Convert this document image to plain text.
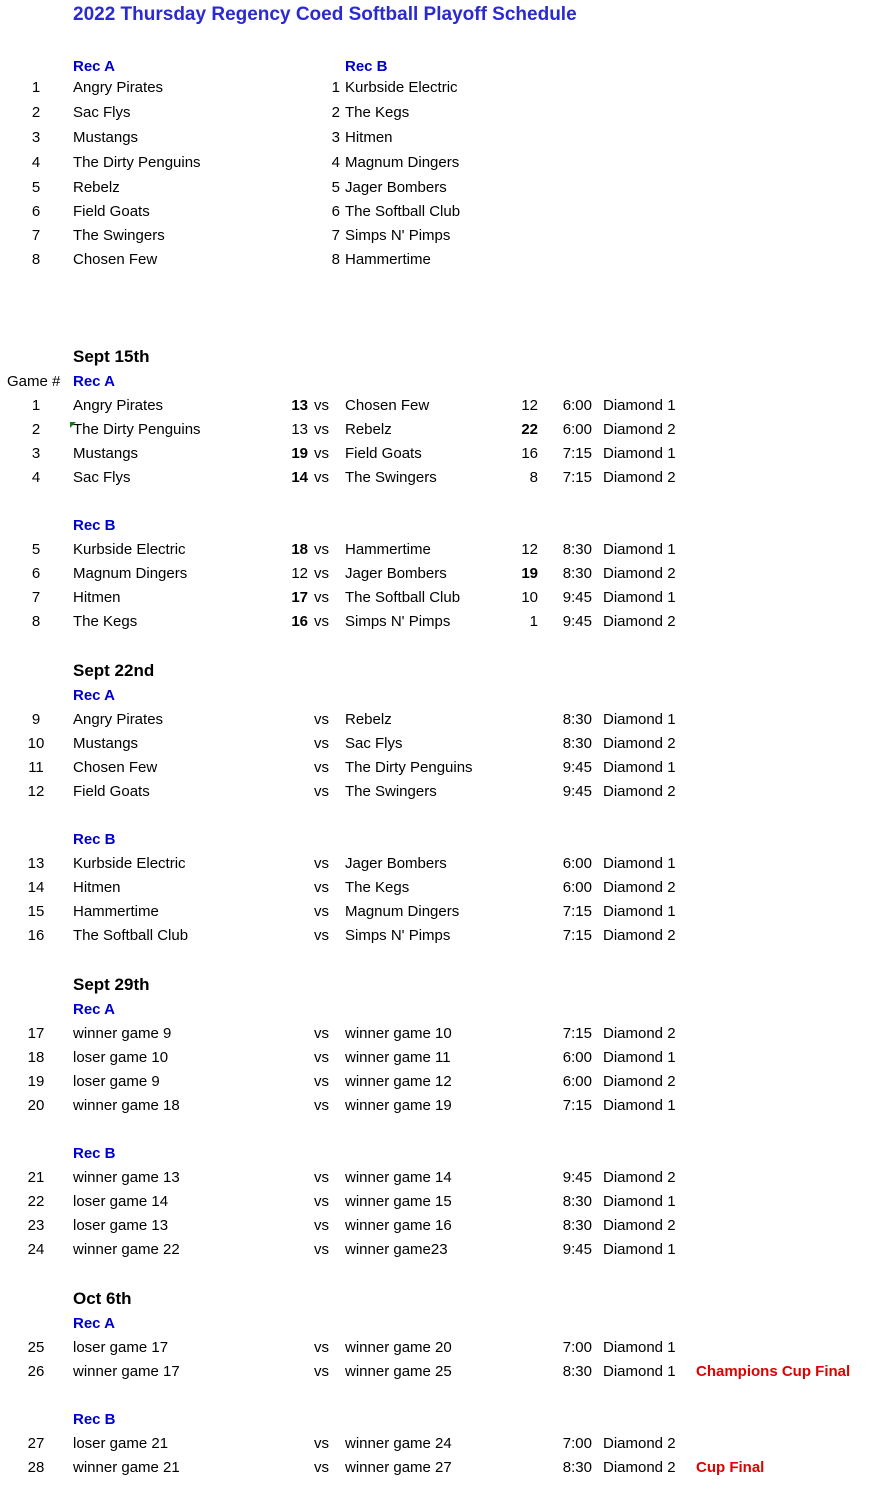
2022 Thursday Regency Coed Softball Playoff Schedule
Rec A	Rec B
1	Angry Pirates	1 Kurbside Electric
2	Sac Flys	2 The Kegs
3	Mustangs	3 Hitmen
4	The Dirty Penguins	4 Magnum Dingers
5	Rebelz	5 Jager Bombers
6	Field Goats	6 The Softball Club
7	The Swingers	7 Simps N' Pimps
8	Chosen Few	8 Hammertime
Sept 15th
Game # Rec A
1	Angry Pirates	13 vs Chosen Few	12	6:00 Diamond 1
2	The Dirty Penguins	13 vs Rebelz	22	6:00 Diamond 2
3	Mustangs	19 vs Field Goats	16	7:15 Diamond 1
4	Sac Flys	14 vs The Swingers	8	7:15 Diamond 2
Rec B
5	Kurbside Electric	18 vs Hammertime	12	8:30 Diamond 1
6	Magnum Dingers	12 vs Jager Bombers	19	8:30 Diamond 2
7	Hitmen	17 vs The Softball Club	10	9:45 Diamond 1
8	The Kegs	16 vs Simps N' Pimps	1	9:45 Diamond 2
Sept 22nd
Rec A
9	Angry Pirates	vs Rebelz	8:30 Diamond 1
10	Mustangs	vs Sac Flys	8:30 Diamond 2
11	Chosen Few	vs The Dirty Penguins	9:45 Diamond 1
12	Field Goats	vs The Swingers	9:45 Diamond 2
Rec B
13	Kurbside Electric	vs Jager Bombers	6:00 Diamond 1
14	Hitmen	vs The Kegs	6:00 Diamond 2
15	Hammertime	vs Magnum Dingers	7:15 Diamond 1
16	The Softball Club	vs Simps N' Pimps	7:15 Diamond 2
Sept 29th
Rec A
17	winner game 9	vs winner game 10	7:15 Diamond 2
18	loser game 10	vs winner game 11	6:00 Diamond 1
19	loser game 9	vs winner game 12	6:00 Diamond 2
20	winner game 18	vs winner game 19	7:15 Diamond 1
Rec B
21	winner game 13	vs winner game 14	9:45 Diamond 2
22	loser game 14	vs winner game 15	8:30 Diamond 1
23	loser game 13	vs winner game 16	8:30 Diamond 2
24	winner game 22	vs winner game23	9:45 Diamond 1
Oct 6th
Rec A
25	loser game 17	vs winner game 20	7:00 Diamond 1
26	winner game 17	vs winner game 25	8:30 Diamond 1 Champions Cup Final
Rec B
27	loser game 21	vs winner game 24	7:00 Diamond 2
28	winner game 21	vs winner game 27	8:30 Diamond 2 Cup Final
